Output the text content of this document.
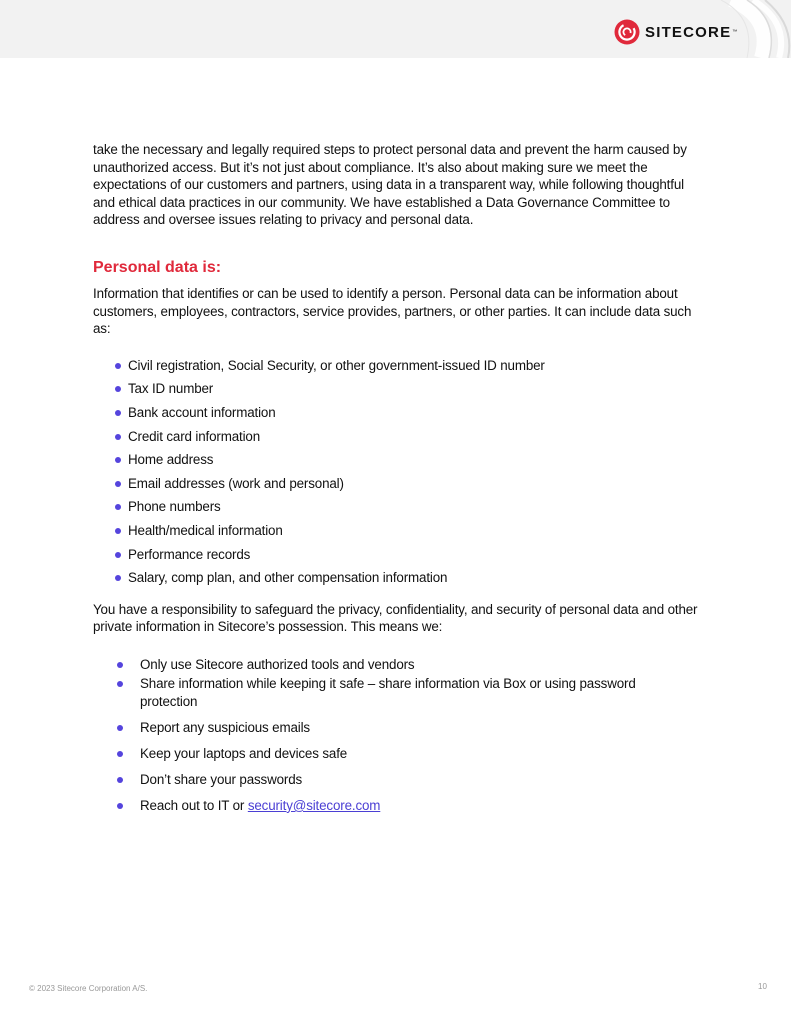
SITECORE ™

take the necessary and legally required steps to protect personal data and prevent the harm caused by unauthorized access. But it’s not just about compliance. It’s also about making sure we meet the expectations of our customers and partners, using data in a transparent way, while following thoughtful and ethical data practices in our community. We have established a Data Governance Committee to address and oversee issues relating to privacy and personal data.

Personal data is:

Information that identifies or can be used to identify a person. Personal data can be information about customers, employees, contractors, service provides, partners, or other parties. It can include data such as:

Civil registration, Social Security, or other government-issued ID number
Tax ID number
Bank account information
Credit card information
Home address
Email addresses (work and personal)
Phone numbers
Health/medical information
Performance records
Salary, comp plan, and other compensation information

You have a responsibility to safeguard the privacy, confidentiality, and security of personal data and other private information in Sitecore’s possession. This means we:

Only use Sitecore authorized tools and vendors
Share information while keeping it safe – share information via Box or using password protection
Report any suspicious emails
Keep your laptops and devices safe
Don’t share your passwords
Reach out to IT or security@sitecore.com
© 2023 Sitecore Corporation A/S.	10
